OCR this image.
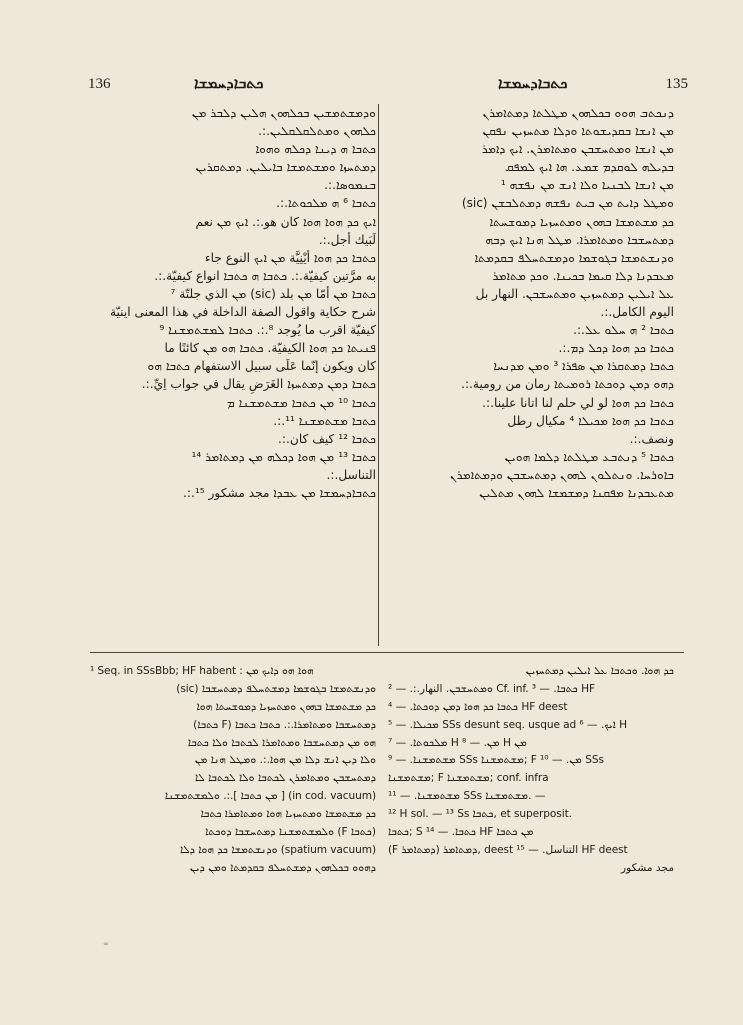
136	ܟܬܒܐܕܚܡܫܐ	ܟܬܒܐܕܚܡܫܐ	135
ܘܕܡܫܬܡܫܝܢ ܒܟܠܗܘܢ ܗܠܝܢ ܕܠܒܪ ܡܢ
ܟܠܗܘܢ ܘܡܬܠܩܠܩܠܝܢ.:.
ܟܬܒܐ ܗ ܕܝܢܐ ܕܟܠܗ ܘܗܘܐ
ܕܡܬܚܙܐ ܘܡܫܬܡܫܐ ܒܐܝܠܝܢ. ܕܡܬܩܪܝܢ
ܒܢܡܘܣܐ.:.
ܟܬܒܐ ⁶ ܗ ܡܠܟܘܬܐ.:.
ܐܝܟ ܟܕ ܗܘܐ ܗܘܐ كان هو.:. ܐܝܟ ܡܢ نعم
لَبَيك أجل.:.
ܟܬܒܐ ܟܕ ܗܘܐ أيْنِيَّة ܡܢ ܐܝܟ النوع جاء
به مرَّتين كيفيّة.:. ܟܬܒܐ ܗ ܟܬܒܐ انواع كيفيّة.:.
ܟܬܒܐ ܡܢ أمّا ܡܢ بلد (sic) ܡܢ الذي جلتّة ⁷
شرح حكاية واقول الصفة الداخلة في هذا المعنى اينيّة
كيفيّة اقرب ما يُوجد ⁸.:. ܟܬܒܐ ܠܡܫܬܡܫܢܐ ⁹
ܦܢܝܬܐ ܟܕ ܗܘܐ الكيفيّة. ܟܬܒܐ ܗܘ ܡܢ كائنًا ما
كان ويكون إنّما عَلَى سبيل الاستفهام ܟܬܒܐ ܗܘ
ܟܬܒܐ ܕܡܢ ܕܡܬܚܙܐ الغَرَضِ يقال في جواب اِيِّ.:.
ܟܬܒܐ ¹⁰ ܡܢ ܟܬܒܐ ܡܫܬܡܫܢܐ ܡ
ܟܬܒܐ ܡܫܬܡܫܢܐ ¹¹.:.
ܟܬܒܐ ¹² كيف كان.:.
ܟܬܒܐ ¹³ ܡܢ ܗܘܐ ܕܟܠܗ ܡܢ ܕܡܬܐܡܪ ¹⁴
التناسل.:.
ܟܬܒܐܕܚܡܫܐ ܡܢ ܥܒܕܐ مجد مشكور ¹⁵.:.
ܕܢܟܬܒ ܗܘܘ ܒܟܠܗܘܢ ܡܛܠܬܐ ܕܡܬܐܡܪܢ
ܡܢ ܐܢܫܐ ܒܩܕܝܫܘܬܐ ܘܕܠܐ ܡܬܚܙܝܢ ܢܦܩܢ
ܡܢ ܐܢܫܐ ܘܡܬܚܫܒܢ ܘܡܬܐܡܪܢ. ܐܝܟ ܕܐܡܪ
ܒܕܝܠܗ ܠܘܩܕܡ ܫܡܥ. ܗܐ ܐܝܟ ܠܡܦܩ
ܡܢ ܐܢܫܐ ܠܒܢܝܐ ܘܠܐ ܐܢܫ ܡܢ ܢܦܫܗ ¹
ܘܡܛܠ ܕܐܝܬ ܡܢ ܒܝܬ ܢܦܫܗ ܕܡܬܠܒܫܢ (sic)
ܟܕ ܡܫܬܡܫܐ ܒܗܘܢ ܘܡܬܚܙܝܐ ܕܡܘܫܚܬܐ
ܕܡܬܚܫܒܐ ܘܡܬܐܡܪܐ. ܡܛܠ ܗܢܐ ܐܝܟ ܕܒܗ
ܘܕܢܫܬܡܫܐ ܒܓܘܫܡܐ ܘܕܡܫܬܚܠܦ ܒܩܕܡܬܐ
ܡܥܒܕܢܐ ܕܠܐ ܩܝܡܐ ܒܟܝܢܐ. ܘܟܕ ܡܬܐܡܪ
ܥܠ ܐܝܠܝܢ ܕܡܬܚܙܝܢ ܘܡܬܚܫܒܢ. النهار بل
اليوم الكامل.:.
ܟܬܒܐ ² ܗ ܚܠܘ ܥܠ.:.
ܟܬܒܐ ܟܕ ܗܘܐ ܕܟܠ ܕܡ.:.
ܟܬܒܐ ܕܡܬܩܪܐ ܡܢ ܣܦܪܐ ³ ܘܡܢ ܡܕܢܚܐ
ܕܗܘ ܕܡܢ ܕܘܟܬܐ ܪܘܡܝܬܐ رمان من رومية.:.
ܟܬܒܐ ܟܕ ܗܘܐ لو لي حلم لنا اتانا علينا.:.
ܟܬܒܐ ܟܕ ܗܘܐ ܡܟܝܠܐ ⁴ مكيال رطل
ونصف.:.
ܟܬܒܐ ⁵ ܕܢܬܒܥ ܡܛܠܬܐ ܕܠܡܐ ܗܘܝܢ
ܒܐܘܪܚܐ. ܘܢܬܠܘܢ ܠܗܘܢ ܕܡܬܚܫܒܢ ܘܕܡܬܐܡܪܢ
ܡܬܥܒܕܢܐ ܡܦܩܢܐ ܕܡܫܡܫܐ ܠܗܘܢ ܡܬܠܝܢ
¹ Seq. in SSsBbb; HF habent : ܗܘܐ ܗܘ ܕܐܝܟ ܡܢ
ܘܕܢܫܬܡܫܐ ܒܓܘܫܡܐ ܕܡܫܬܚܠܦ ܕܡܬܚܫܒܐ (sic)
ܟܕ ܡܫܬܡܫܐ ܒܗܘܢ ܘܡܬܚܙܝܐ ܕܡܘܫܚܬܐ ܗܘܐ
ܕܡܬܚܫܒܐ ܘܡܬܐܡܪܐ.:. ܟܬܒܐ ܟܬܒܐ (F ܟܬܒܐ)
ܗܘ ܡܢ ܕܡܬܚܫܒܐ ܘܡܬܐܡܪܐ ܠܟܬܒܐ ܘܠܐ ܟܬܒܐ
ܘܠܐ ܕܝܢ ܐܢܫ ܕܠܐ ܡܢ ܗܘܐ.:. ܘܡܛܠ ܗܢܐ ܡܢ
ܕܡܬܚܫܒܢ ܘܡܬܐܡܪܢ ܠܟܬܒܐ ܘܠܐ ܠܟܬܒܐ ܠܐ
(in cod. vacuum) [ ܡܢ ܟܬܒܐ ].:. ܘܠܡܫܬܡܫܢܐ
ܟܕ ܡܫܬܡܫܐ ܘܡܬܚܙܝܐ ܗܘܐ ܘܡܬܐܡܪܐ ܟܬܒܐ
(ܟܬܒܐ F) ܘܠܡܫܬܡܫܢܐ ܕܡܬܚܫܒܐ ܕܘܟܬܐ
(spatium vacuum) ܘܕܢܫܬܡܫܐ ܟܕ ܗܘܐ ܕܠܐ
ܕܗܘܘ ܒܟܠܗܘܢ ܕܡܫܬܚܠܦ ܒܩܕܡܬܐ ܘܡܢ ܕܝܢ
ܟܕ ܗܘܐ. ܘܟܬܒܐ ܥܠ ܐܝܠܝܢ ܕܡܬܚܙܝܢ
ܘܡܬܚܫܒܢ. النهار.:. — ² Cf. inf. ܟܬܒܐ. — ³ HF
ܟܬܒܐ ܟܕ ܗܘܐ ܕܡܢ ܕܘܟܬܐ. — ⁴ HF deest
ܡܟܝܠܐ. — ⁵ SSs desunt seq. usque ad ܐܝܟ. — ⁶ H
ܡܠܟܘܬܐ. — ⁷ H ܡܢ. — ⁸ H ܡܢ
ܡܫܬܡܫܢܐ. — ⁹ SSs ܡܫܬܡܫܢܐ; F ܡܢ. — ¹⁰ SSs
ܡܫܬܡܫܢܐ; F ܡܫܬܡܫܢܐ; conf. infra
ܡܫܬܡܫܢܐ. — ¹¹ SSs ܡܫܬܡܫܢܐ. —
¹² H sol. — ¹³ Ss ܟܬܒܐ, et superposit.
ܟܬܒܐ; S ܟܬܒܐ. — ¹⁴ HF ܡܢ ܟܬܒܐ
(F ܕܡܬܐܡܪ) ܕܡܬܐܡܪ, deest التناسل. — ¹⁵ HF deest
مجد مشكور
∞
